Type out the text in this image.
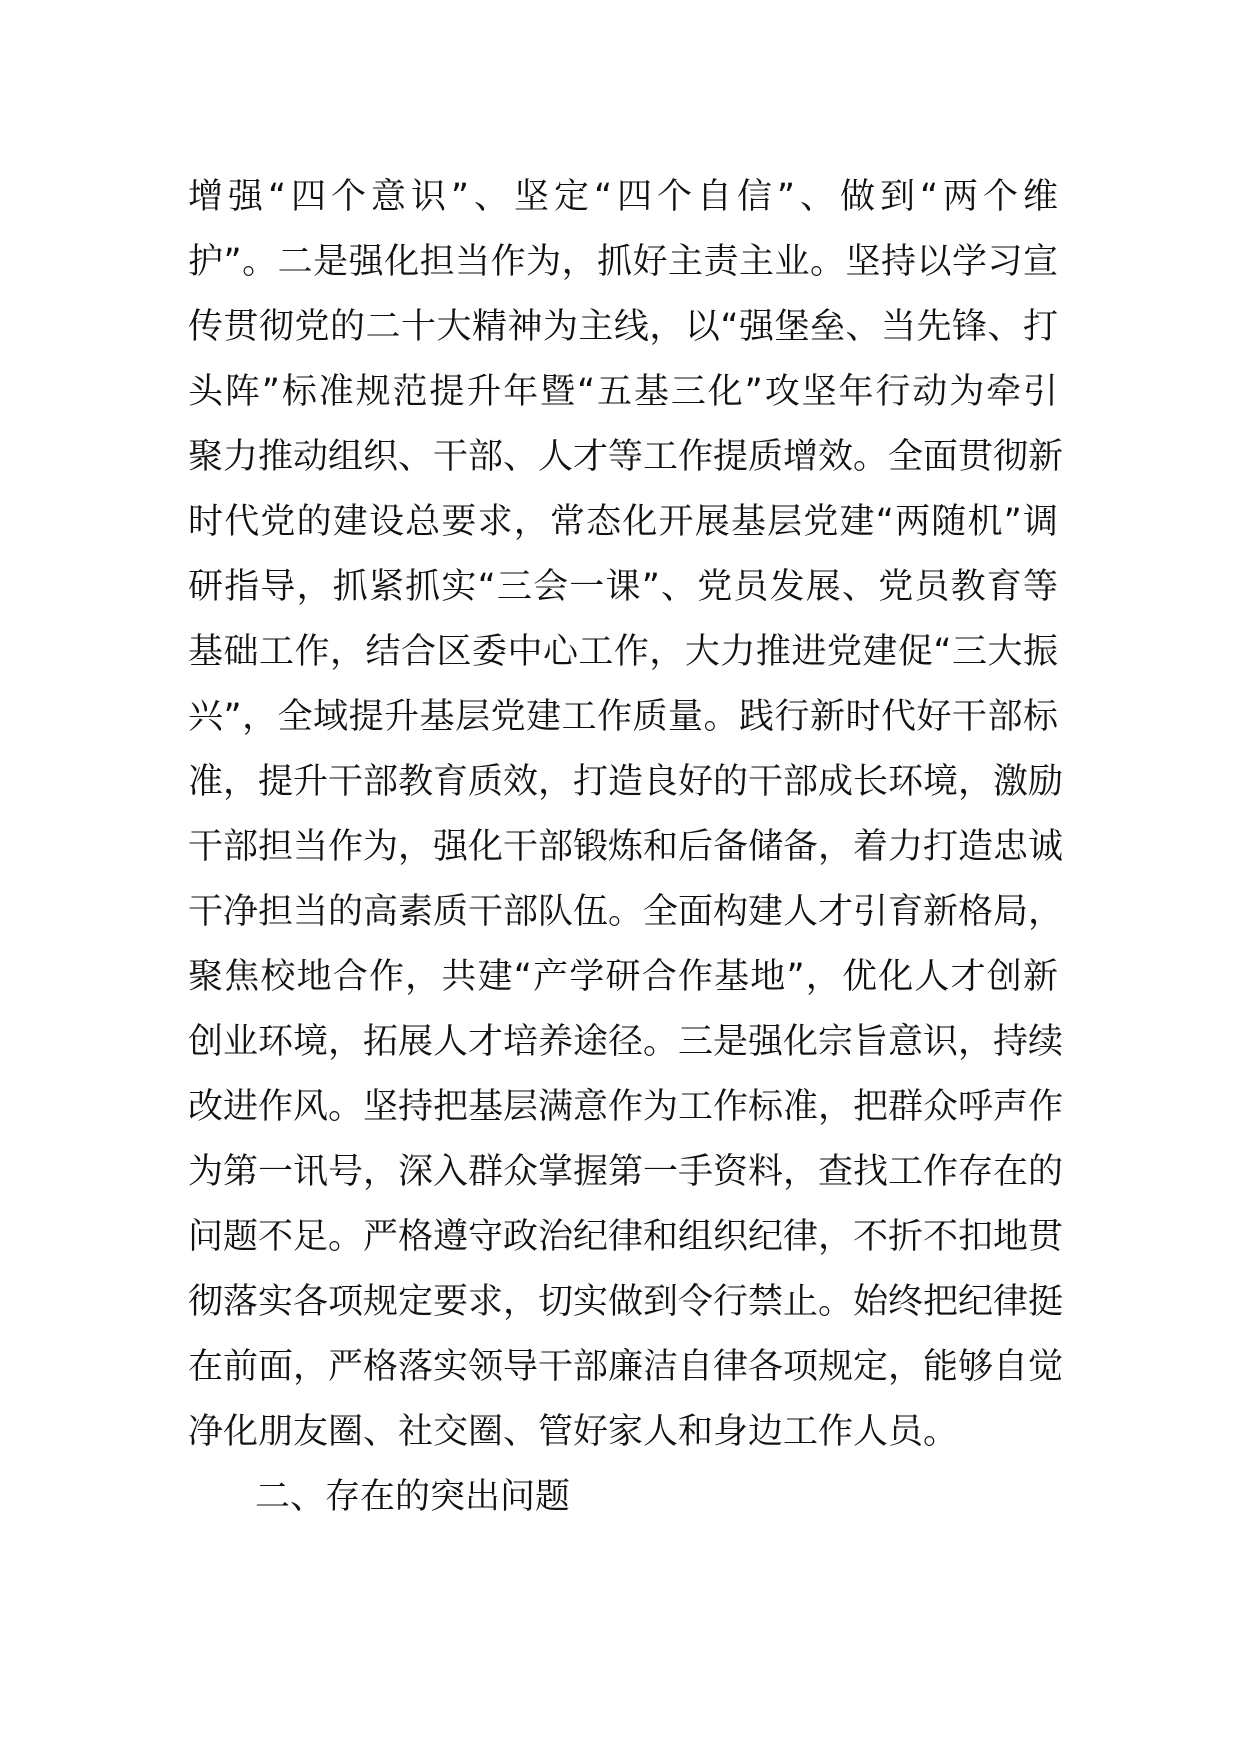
增强“四个意识”、坚定“四个自信”、做到“两个维
护”。二是强化担当作为，抓好主责主业。坚持以学习宣
传贯彻党的二十大精神为主线，以“强堡垒、当先锋、打
头阵”标准规范提升年暨“五基三化”攻坚年行动为牵引
聚力推动组织、干部、人才等工作提质增效。全面贯彻新
时代党的建设总要求，常态化开展基层党建“两随机”调
研指导，抓紧抓实“三会一课”、党员发展、党员教育等
基础工作，结合区委中心工作，大力推进党建促“三大振
兴”，全域提升基层党建工作质量。践行新时代好干部标
准，提升干部教育质效，打造良好的干部成长环境，激励
干部担当作为，强化干部锻炼和后备储备，着力打造忠诚
干净担当的高素质干部队伍。全面构建人才引育新格局，
聚焦校地合作，共建“产学研合作基地”，优化人才创新
创业环境，拓展人才培养途径。三是强化宗旨意识，持续
改进作风。坚持把基层满意作为工作标准，把群众呼声作
为第一讯号，深入群众掌握第一手资料，查找工作存在的
问题不足。严格遵守政治纪律和组织纪律，不折不扣地贯
彻落实各项规定要求，切实做到令行禁止。始终把纪律挺
在前面，严格落实领导干部廉洁自律各项规定，能够自觉
净化朋友圈、社交圈、管好家人和身边工作人员。
二、存在的突出问题
